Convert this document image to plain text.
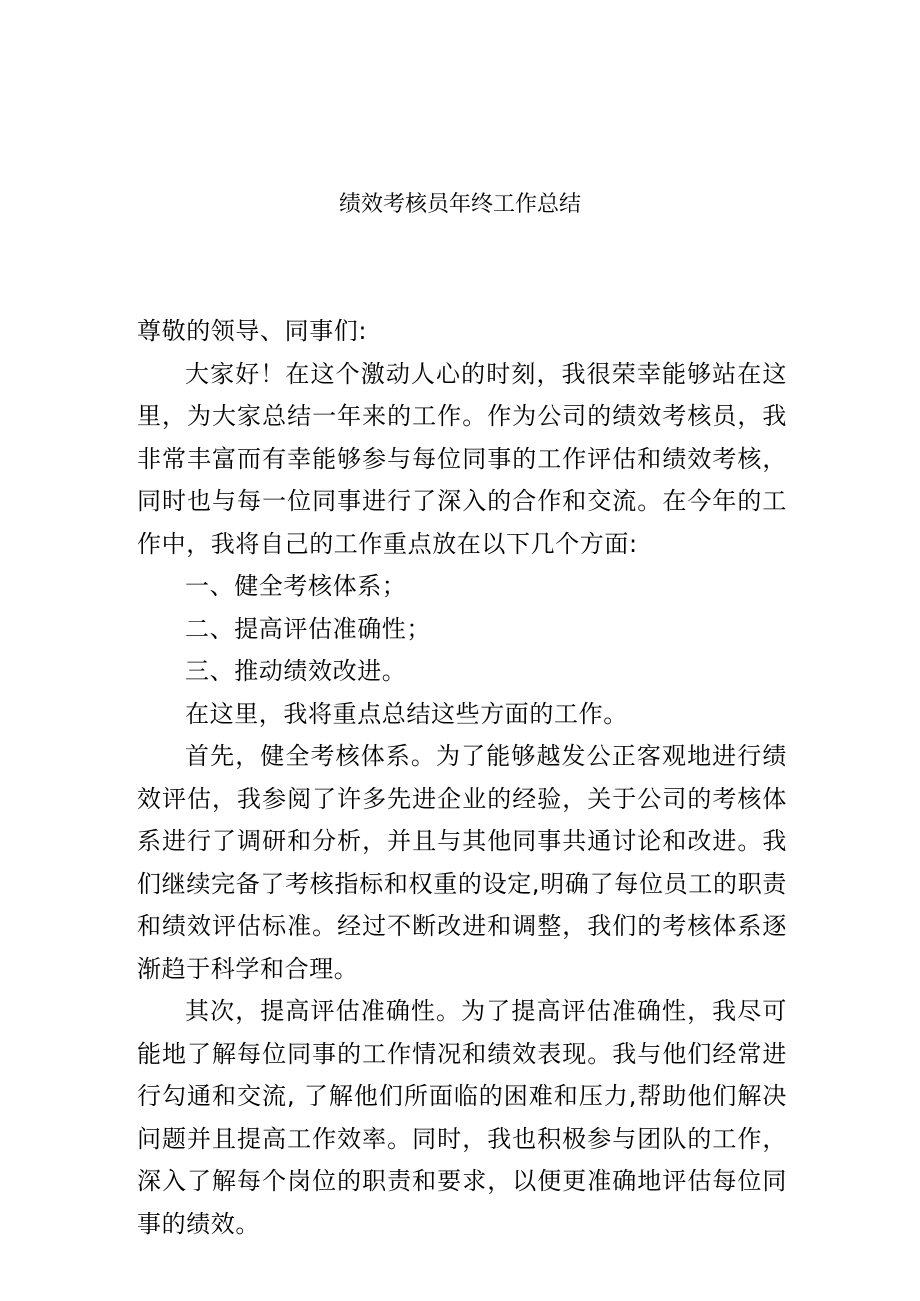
绩效考核员年终工作总结

尊敬的领导、同事们:

大家好！在这个激动人心的时刻，我很荣幸能够站在这里，为大家总结一年来的工作。作为公司的绩效考核员，我非常丰富而有幸能够参与每位同事的工作评估和绩效考核，同时也与每一位同事进行了深入的合作和交流。在今年的工作中，我将自己的工作重点放在以下几个方面:

一、健全考核体系；

二、提高评估准确性；

三、推动绩效改进。

在这里，我将重点总结这些方面的工作。

首先，健全考核体系。为了能够越发公正客观地进行绩效评估，我参阅了许多先进企业的经验，关于公司的考核体系进行了调研和分析，并且与其他同事共通讨论和改进。我们继续完备了考核指标和权重的设定,明确了每位员工的职责和绩效评估标准。经过不断改进和调整，我们的考核体系逐渐趋于科学和合理。

其次，提高评估准确性。为了提高评估准确性，我尽可能地了解每位同事的工作情况和绩效表现。我与他们经常进行勾通和交流, 了解他们所面临的困难和压力,帮助他们解决问题并且提高工作效率。同时，我也积极参与团队的工作，深入了解每个岗位的职责和要求，以便更准确地评估每位同事的绩效。
